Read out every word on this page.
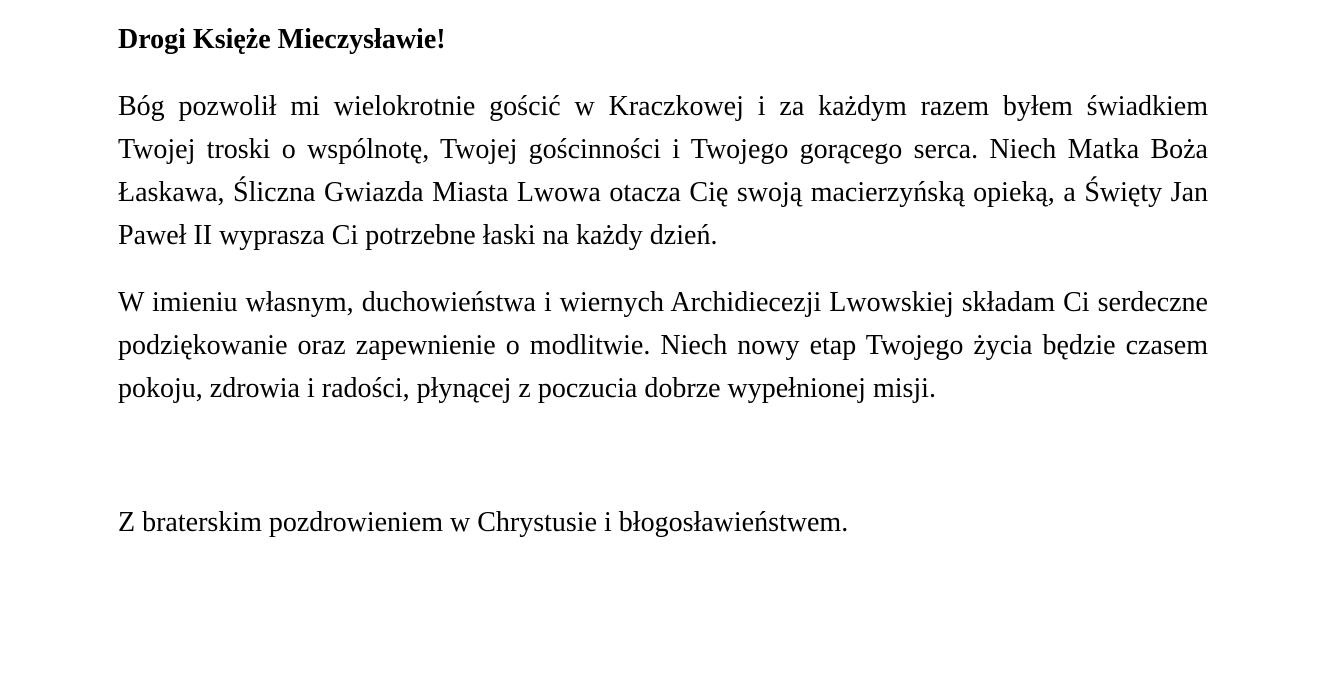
Drogi Księże Mieczysławie!

Bóg pozwolił mi wielokrotnie gościć w Kraczkowej i za każdym razem byłem świadkiem Twojej troski o wspólnotę, Twojej gościnności i Twojego gorącego serca. Niech Matka Boża Łaskawa, Śliczna Gwiazda Miasta Lwowa otacza Cię swoją macierzyńską opieką, a Święty Jan Paweł II wyprasza Ci potrzebne łaski na każdy dzień.

W imieniu własnym, duchowieństwa i wiernych Archidiecezji Lwowskiej składam Ci serdeczne podziękowanie oraz zapewnienie o modlitwie. Niech nowy etap Twojego życia będzie czasem pokoju, zdrowia i radości, płynącej z poczucia dobrze wypełnionej misji.

Z braterskim pozdrowieniem w Chrystusie i błogosławieństwem.
